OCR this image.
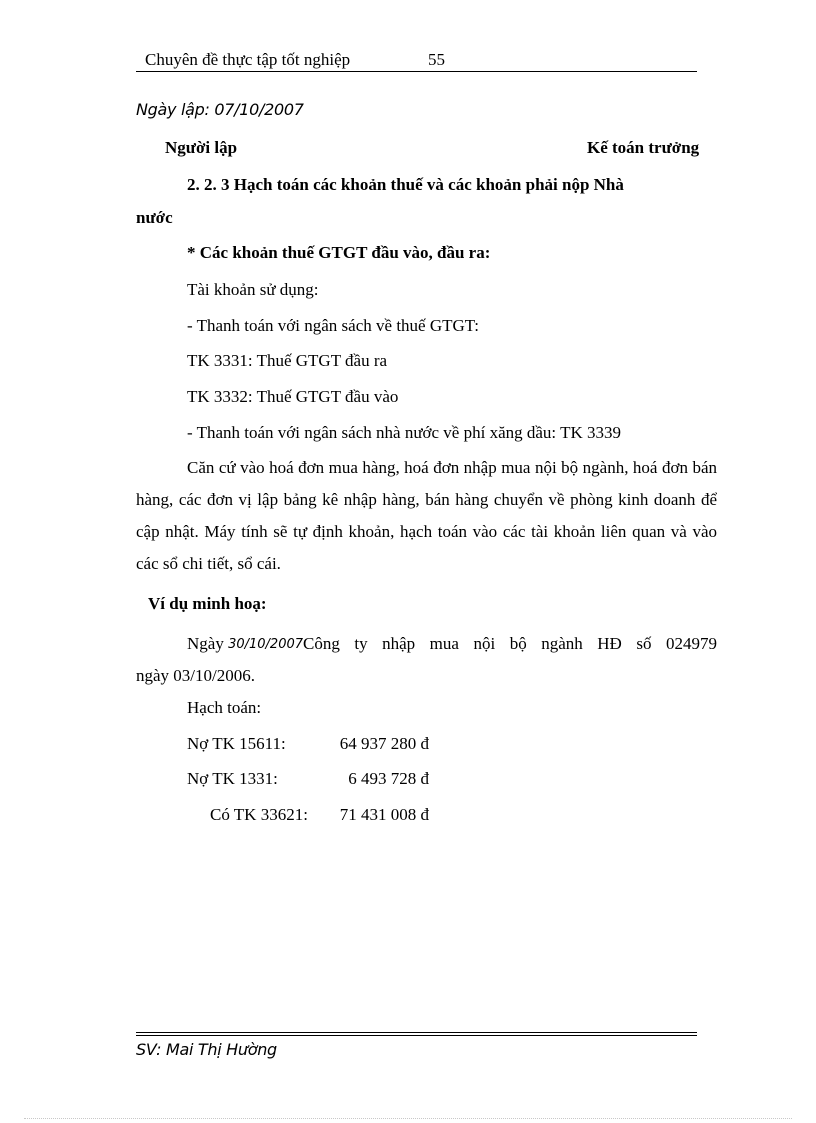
Chuyên đề thực tập tốt nghiệp	55
Ngày lập: 07/10/2007
Người lập	Kế toán trưởng
2. 2. 3 Hạch toán các khoản thuế và các khoản phải nộp Nhà
nước
* Các khoản thuế GTGT đầu vào, đầu ra:
Tài khoản sử dụng:
- Thanh toán với ngân sách về thuế GTGT:
TK 3331: Thuế GTGT đầu ra
TK 3332: Thuế GTGT đầu vào
- Thanh toán với ngân sách nhà nước về phí xăng dầu: TK 3339
Căn cứ vào hoá đơn mua hàng, hoá đơn nhập mua nội bộ ngành, hoá đơn bán hàng, các đơn vị lập bảng kê nhập hàng, bán hàng chuyển về phòng kinh doanh để cập nhật. Máy tính sẽ tự định khoản, hạch toán vào các tài khoản liên quan và vào các sổ chi tiết, sổ cái.
Ví dụ minh hoạ:
Ngày 30/10/2007 Công ty nhập mua nội bộ ngành HĐ số 024979
ngày 03/10/2006.
Hạch toán:
Nợ TK 15611:	64 937 280 đ
Nợ TK 1331:	6 493 728 đ
Có TK 33621:	71 431 008 đ
SV: Mai Thị Hường
